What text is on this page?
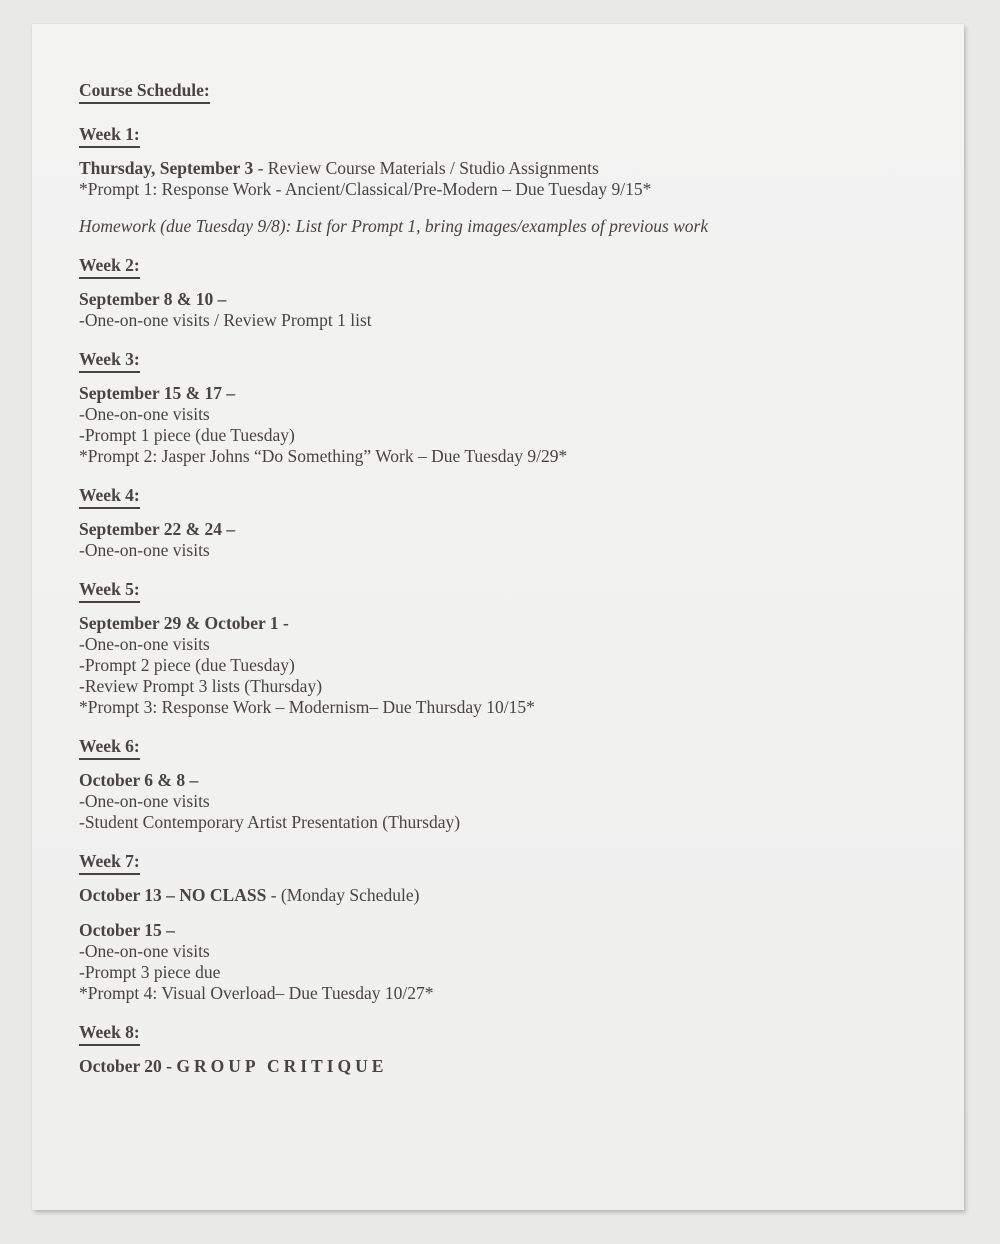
Course Schedule:
Week 1:
Thursday, September 3 - Review Course Materials / Studio Assignments
*Prompt 1: Response Work - Ancient/Classical/Pre-Modern – Due Tuesday 9/15*
Homework (due Tuesday 9/8): List for Prompt 1, bring images/examples of previous work
Week 2:
September 8 & 10 –
-One-on-one visits / Review Prompt 1 list
Week 3:
September 15 & 17 –
-One-on-one visits
-Prompt 1 piece (due Tuesday)
*Prompt 2: Jasper Johns “Do Something” Work – Due Tuesday 9/29*
Week 4:
September 22 & 24 –
-One-on-one visits
Week 5:
September 29 & October 1 -
-One-on-one visits
-Prompt 2 piece (due Tuesday)
-Review Prompt 3 lists (Thursday)
*Prompt 3: Response Work – Modernism– Due Thursday 10/15*
Week 6:
October 6 & 8 –
-One-on-one visits
-Student Contemporary Artist Presentation (Thursday)
Week 7:
October 13 – NO CLASS - (Monday Schedule)
October 15 –
-One-on-one visits
-Prompt 3 piece due
*Prompt 4: Visual Overload– Due Tuesday 10/27*
Week 8:
October 20 - GROUP CRITIQUE
